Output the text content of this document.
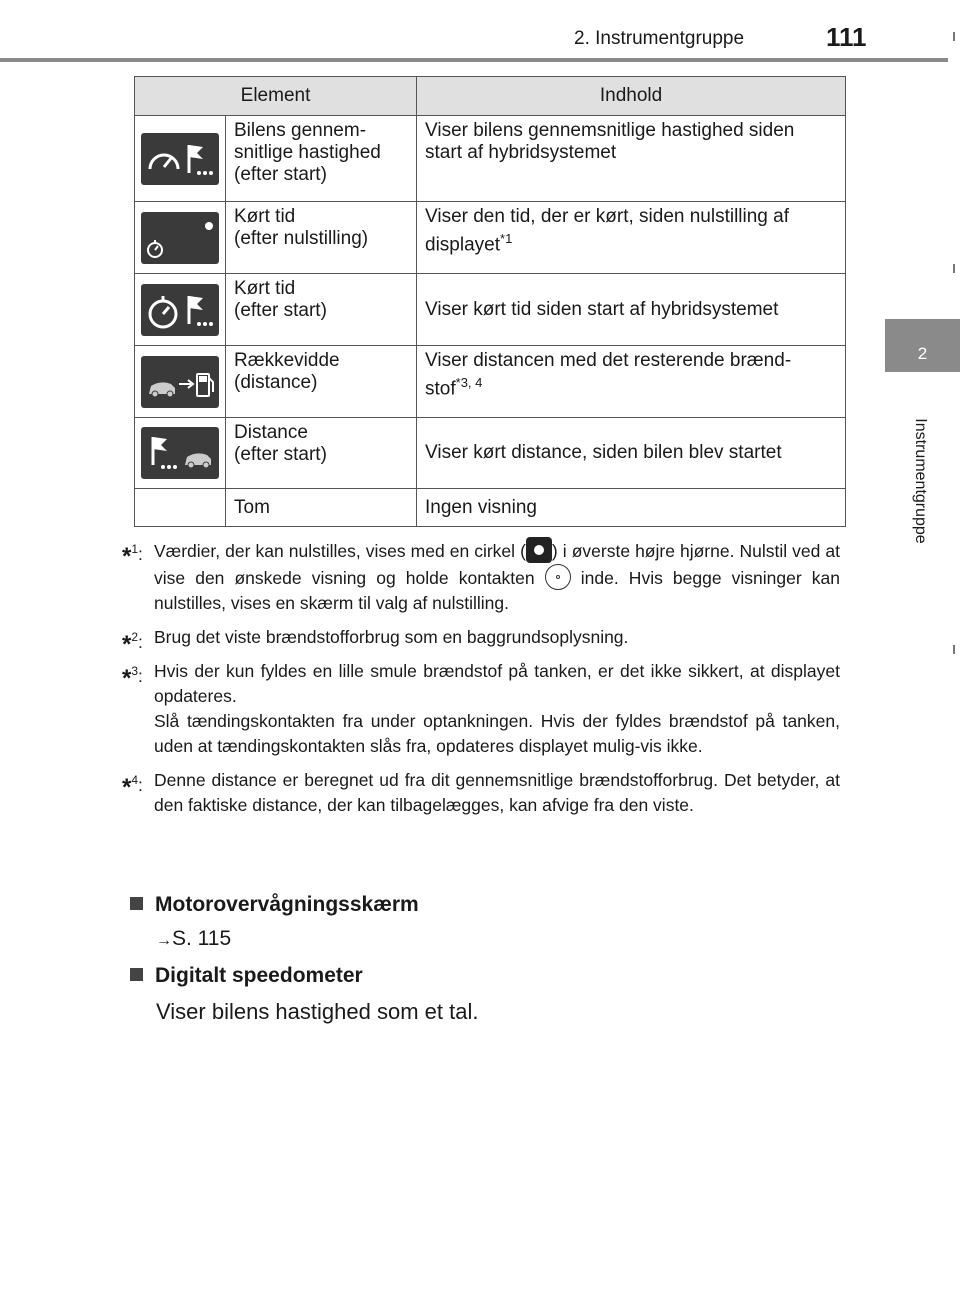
2. Instrumentgruppe	111
2
Instrumentgruppe
Element		Indhold

	Bilens gennem-
snitlige hastighed
(efter start)	Viser bilens gennemsnitlige hastighed siden
start af hybridsystemet

	Kørt tid
(efter nulstilling)	Viser den tid, der er kørt, siden nulstilling af
displayet$^{*1}$

	Kørt tid
(efter start)	Viser kørt tid siden start af hybridsystemet

	Rækkevidde
(distance)	Viser distancen med det resterende brænd-
stof$^{*3, 4}$

	Distance
(efter start)	Viser kørt distance, siden bilen blev startet
	Tom	Ingen visning
*$^1$: Værdier, der kan nulstilles, vises med en cirkel ( ) i øverste højre hjørne. Nulstil ved at vise den ønskede visning og holde kontakten  inde. Hvis begge visninger kan nulstilles, vises en skærm til valg af nulstilling.

*$^2$: Brug det viste brændstofforbrug som en baggrundsoplysning.

*$^3$: Hvis der kun fyldes en lille smule brændstof på tanken, er det ikke sikkert, at displayet opdateres.

Slå tændingskontakten fra under optankningen. Hvis der fyldes brændstof på tanken, uden at tændingskontakten slås fra, opdateres displayet mulig-vis ikke.

*$^4$: Denne distance er beregnet ud fra dit gennemsnitlige brændstofforbrug. Det betyder, at den faktiske distance, der kan tilbagelægges, kan afvige fra den viste.

Motorovervågningsskærm
→S. 115
Digitalt speedometer
Viser bilens hastighed som et tal.
